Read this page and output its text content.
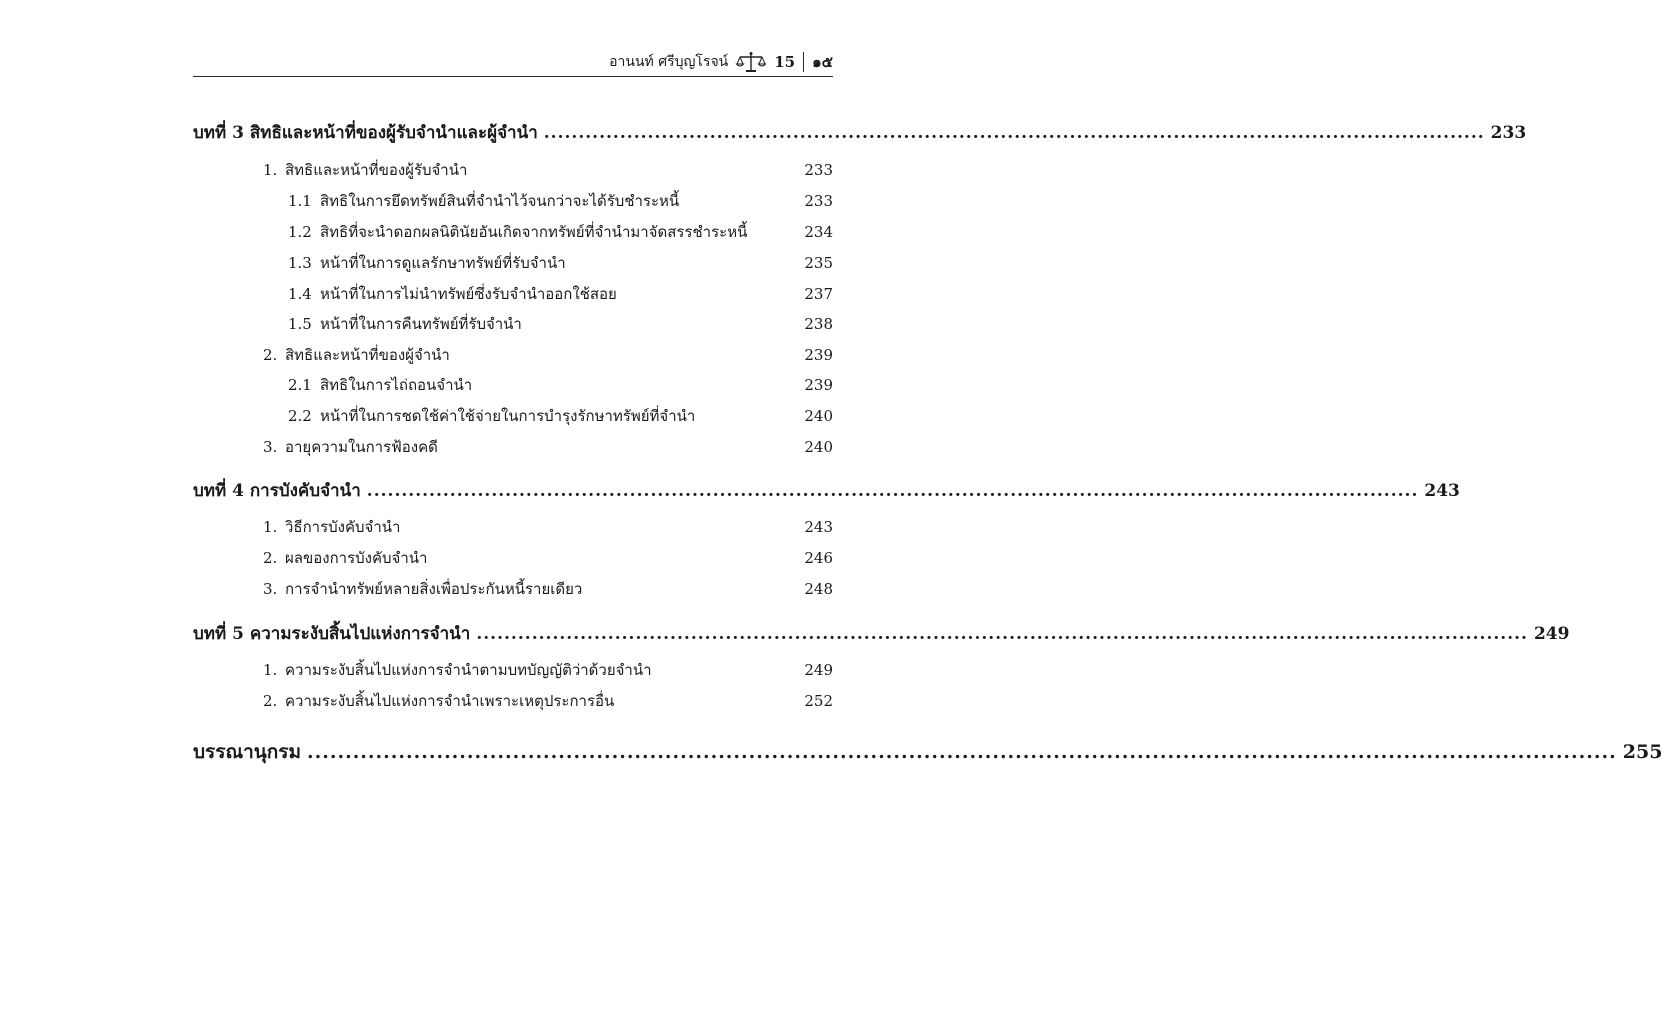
อานนท์ ศรีบุญโรจน์	15 ๑๕
บทที่ 3 สิทธิและหน้าที่ของผู้รับจำนำและผู้จำนำ ........................................................................................................................................ 233
1. สิทธิและหน้าที่ของผู้รับจำนำ	233
1.1 สิทธิในการยึดทรัพย์สินที่จำนำไว้จนกว่าจะได้รับชำระหนี้	233
1.2 สิทธิที่จะนำดอกผลนิตินัยอันเกิดจากทรัพย์ที่จำนำมาจัดสรรชำระหนี้	234
1.3 หน้าที่ในการดูแลรักษาทรัพย์ที่รับจำนำ	235
1.4 หน้าที่ในการไม่นำทรัพย์ซึ่งรับจำนำออกใช้สอย	237
1.5 หน้าที่ในการคืนทรัพย์ที่รับจำนำ	238
2. สิทธิและหน้าที่ของผู้จำนำ	239
2.1 สิทธิในการไถ่ถอนจำนำ	239
2.2 หน้าที่ในการชดใช้ค่าใช้จ่ายในการบำรุงรักษาทรัพย์ที่จำนำ	240
3. อายุความในการฟ้องคดี	240
บทที่ 4 การบังคับจำนำ ........................................................................................................................................................ 243
1. วิธีการบังคับจำนำ	243
2. ผลของการบังคับจำนำ	246
3. การจำนำทรัพย์หลายสิ่งเพื่อประกันหนี้รายเดียว	248
บทที่ 5 ความระงับสิ้นไปแห่งการจำนำ ........................................................................................................................................................ 249
1. ความระงับสิ้นไปแห่งการจำนำตามบทบัญญัติว่าด้วยจำนำ	249
2. ความระงับสิ้นไปแห่งการจำนำเพราะเหตุประการอื่น	252
บรรณานุกรม ............................................................................................................................................................................ 255
